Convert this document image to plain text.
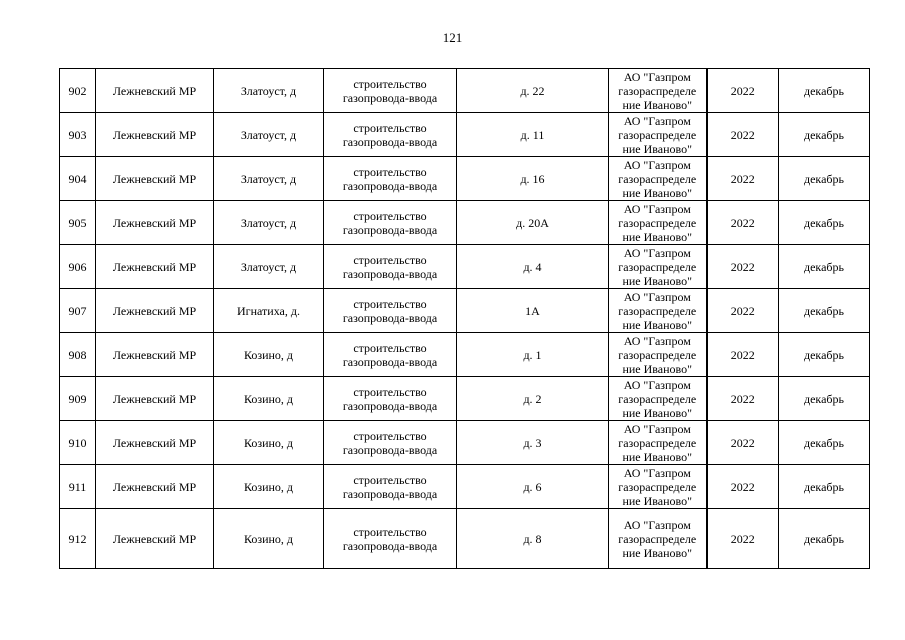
121
902	Лежневский МР	Златоуст, д	строительство
газопровода-ввода	д. 22	АО "Газпром
газораспределе
ние Иваново"	2022	декабрь
903	Лежневский МР	Златоуст, д	строительство
газопровода-ввода	д. 11	АО "Газпром
газораспределе
ние Иваново"	2022	декабрь
904	Лежневский МР	Златоуст, д	строительство
газопровода-ввода	д. 16	АО "Газпром
газораспределе
ние Иваново"	2022	декабрь
905	Лежневский МР	Златоуст, д	строительство
газопровода-ввода	д. 20А	АО "Газпром
газораспределе
ние Иваново"	2022	декабрь
906	Лежневский МР	Златоуст, д	строительство
газопровода-ввода	д. 4	АО "Газпром
газораспределе
ние Иваново"	2022	декабрь
907	Лежневский МР	Игнатиха, д.	строительство
газопровода-ввода	1А	АО "Газпром
газораспределе
ние Иваново"	2022	декабрь
908	Лежневский МР	Козино, д	строительство
газопровода-ввода	д. 1	АО "Газпром
газораспределе
ние Иваново"	2022	декабрь
909	Лежневский МР	Козино, д	строительство
газопровода-ввода	д. 2	АО "Газпром
газораспределе
ние Иваново"	2022	декабрь
910	Лежневский МР	Козино, д	строительство
газопровода-ввода	д. 3	АО "Газпром
газораспределе
ние Иваново"	2022	декабрь
911	Лежневский МР	Козино, д	строительство
газопровода-ввода	д. 6	АО "Газпром
газораспределе
ние Иваново"	2022	декабрь
912	Лежневский МР	Козино, д	строительство
газопровода-ввода	д. 8	АО "Газпром
газораспределе
ние Иваново"	2022	декабрь
